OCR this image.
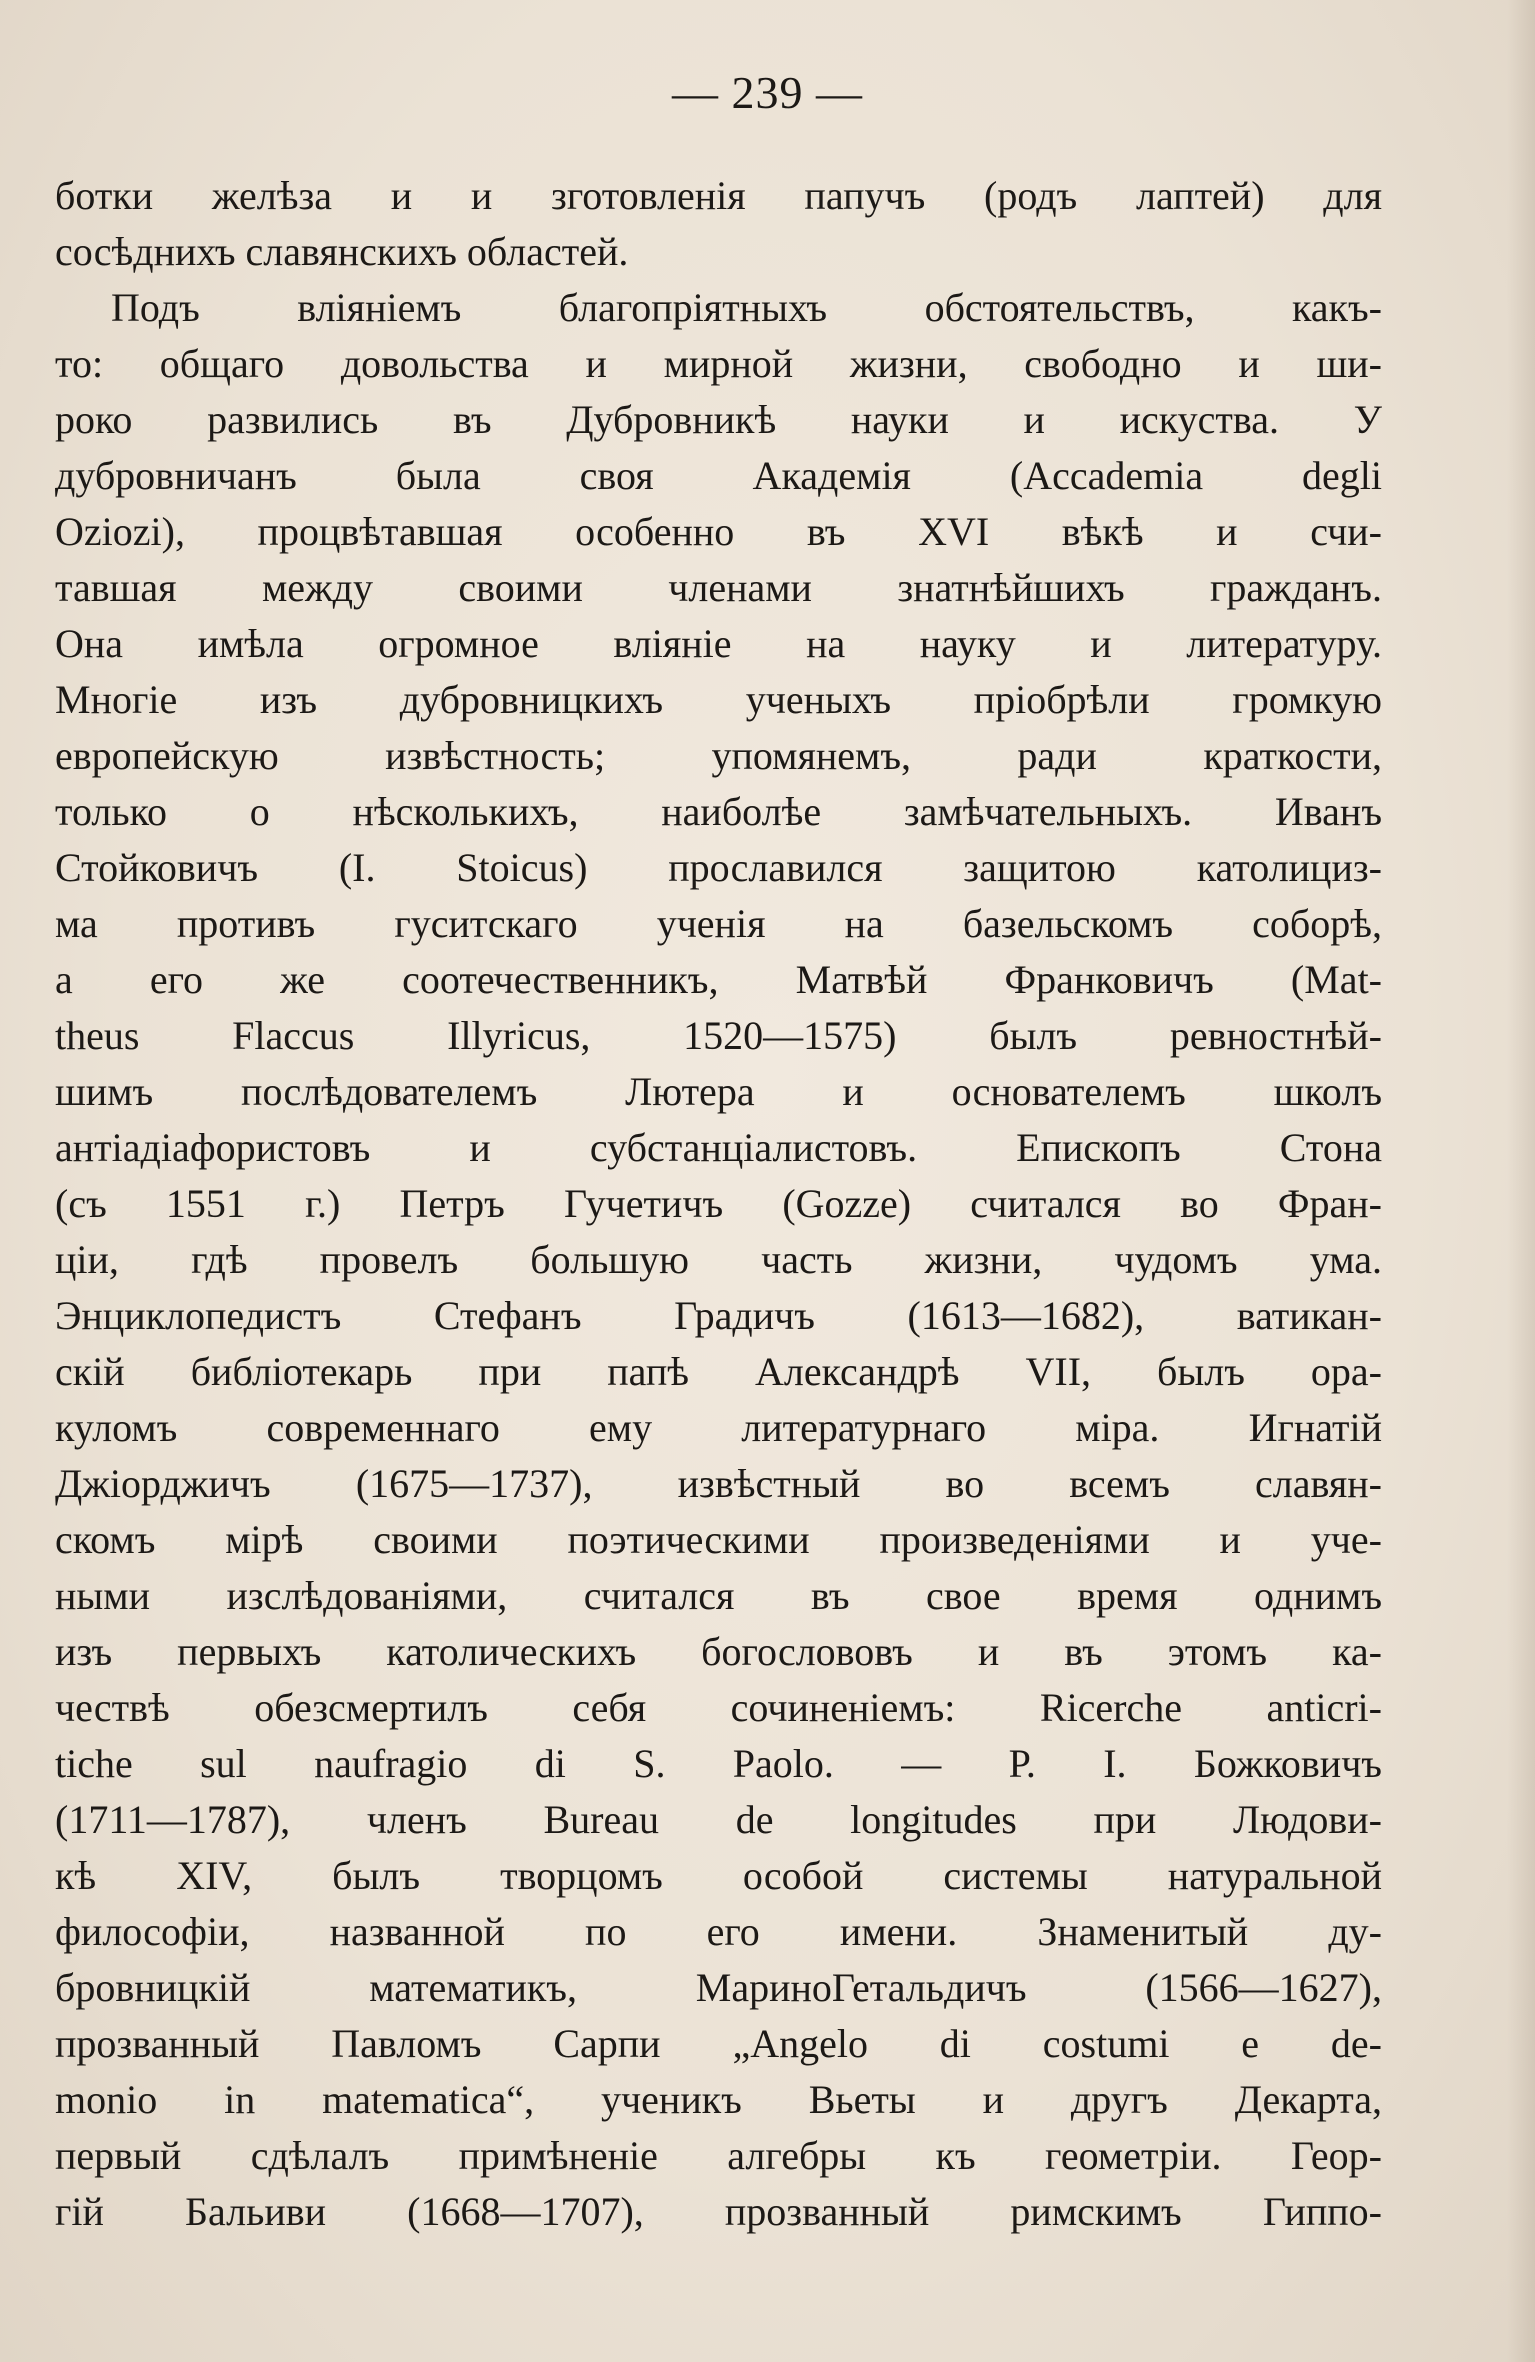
— 239 —
ботки желѣза и и зготовленія папучъ (родъ лаптей) для
сосѣднихъ славянскихъ областей.
Подъ вліяніемъ благопріятныхъ обстоятельствъ, какъ-
то: общаго довольства и мирной жизни, свободно и ши-
роко развились въ Дубровникѣ науки и искуства. У
дубровничанъ была своя Академія (Accademia degli
Oziozi), процвѣтавшая особенно въ XVI вѣкѣ и счи-
тавшая между своими членами знатнѣйшихъ гражданъ.
Она имѣла огромное вліяніе на науку и литературу.
Многіе изъ дубровницкихъ ученыхъ пріобрѣли громкую
европейскую извѣстность; упомянемъ, ради краткости,
только о нѣсколькихъ, наиболѣе замѣчательныхъ. Иванъ
Стойковичъ (I. Stoicus) прославился защитою католициз-
ма противъ гуситскаго ученія на базельскомъ соборѣ,
а его же соотечественникъ, Матвѣй Франковичъ (Mat-
theus Flaccus Illyricus, 1520—1575) былъ ревностнѣй-
шимъ послѣдователемъ Лютера и основателемъ школъ
антіадіафористовъ и субстанціалистовъ. Епископъ Стона
(съ 1551 г.) Петръ Гучетичъ (Gozze) считался во Фран-
ціи, гдѣ провелъ большую часть жизни, чудомъ ума.
Энциклопедистъ Стефанъ Градичъ (1613—1682), ватикан-
скій библіотекарь при папѣ Александрѣ VII, былъ ора-
куломъ современнаго ему литературнаго міра. Игнатій
Джіорджичъ (1675—1737), извѣстный во всемъ славян-
скомъ мірѣ своими поэтическими произведеніями и уче-
ными изслѣдованіями, считался въ свое время однимъ
изъ первыхъ католическихъ богослововъ и въ этомъ ка-
чествѣ обезсмертилъ себя сочиненіемъ: Ricerche anticri-
tiche sul naufragio di S. Paolo. — Р. І. Божковичъ
(1711—1787), членъ Bureau de longitudes при Людови-
кѣ XIV, былъ творцомъ особой системы натуральной
философіи, названной по его имени. Знаменитый ду-
бровницкій математикъ, МариноГетальдичъ (1566—1627),
прозванный Павломъ Сарпи „Angelo di costumi e de-
monio in matematica“, ученикъ Вьеты и другъ Декарта,
первый сдѣлалъ примѣненіе алгебры къ геометріи. Геор-
гій Бальиви (1668—1707), прозванный римскимъ Гиппо-
